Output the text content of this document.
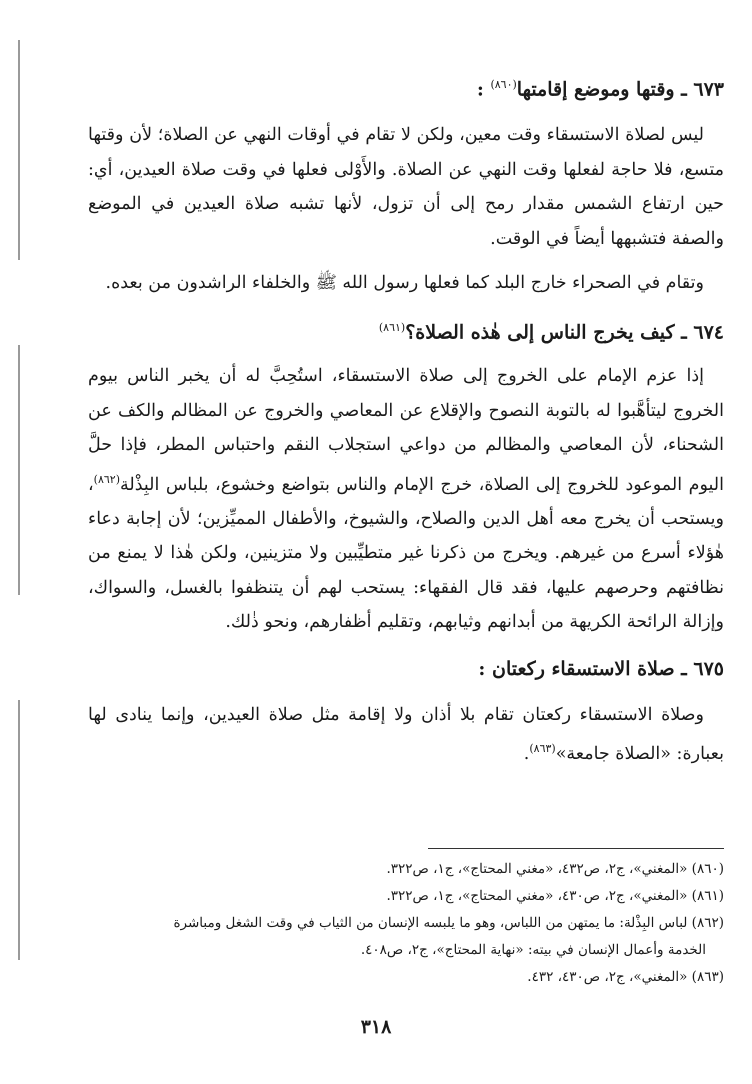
٦٧٣ ـ وقتها وموضع إقامتها$^{(٨٦٠)}$ :

ليس لصلاة الاستسقاء وقت معين، ولكن لا تقام في أوقات النهي عن الصلاة؛ لأن وقتها متسع، فلا حاجة لفعلها وقت النهي عن الصلاة. والأَوْلى فعلها في وقت صلاة العيدين، أي: حين ارتفاع الشمس مقدار رمح إلى أن تزول، لأنها تشبه صلاة العيدين في الموضع والصفة فتشبهها أيضاً في الوقت.

وتقام في الصحراء خارج البلد كما فعلها رسول الله ﷺ والخلفاء الراشدون من بعده.

٦٧٤ ـ كيف يخرج الناس إلى هٰذه الصلاة؟$^{(٨٦١)}$

إذا عزم الإمام على الخروج إلى صلاة الاستسقاء، استُحِبَّ له أن يخبر الناس بيوم الخروج ليتأهَّبوا له بالتوبة النصوح والإقلاع عن المعاصي والخروج عن المظالم والكف عن الشحناء، لأن المعاصي والمظالم من دواعي استجلاب النقم واحتباس المطر، فإذا حلَّ اليوم الموعود للخروج إلى الصلاة، خرج الإمام والناس بتواضع وخشوع، بلباس البِذْلة$^{(٨٦٢)}$، ويستحب أن يخرج معه أهل الدين والصلاح، والشيوخ، والأطفال المميِّزين؛ لأن إجابة دعاء هٰؤلاء أسرع من غيرهم. ويخرج من ذكرنا غير متطيِّبين ولا متزينين، ولكن هٰذا لا يمنع من نظافتهم وحرصهم عليها، فقد قال الفقهاء: يستحب لهم أن يتنظفوا بالغسل، والسواك، وإزالة الرائحة الكريهة من أبدانهم وثيابهم، وتقليم أظفارهم، ونحو ذٰلك.

٦٧٥ ـ صلاة الاستسقاء ركعتان :

وصلاة الاستسقاء ركعتان تقام بلا أذان ولا إقامة مثل صلاة العيدين، وإنما ينادى لها بعبارة: «الصلاة جامعة»$^{(٨٦٣)}$.

(٨٦٠) «المغني»، ج٢، ص٤٣٢، «مغني المحتاج»، ج١، ص٣٢٢.

(٨٦١) «المغني»، ج٢، ص٤٣٠، «مغني المحتاج»، ج١، ص٣٢٢.

(٨٦٢) لباس البِذْلة: ما يمتهن من اللباس، وهو ما يلبسه الإنسان من الثياب في وقت الشغل ومباشرة

الخدمة وأعمال الإنسان في بيته: «نهاية المحتاج»، ج٢، ص٤٠٨.

(٨٦٣) «المغني»، ج٢، ص٤٣٠، ٤٣٢.

٣١٨
